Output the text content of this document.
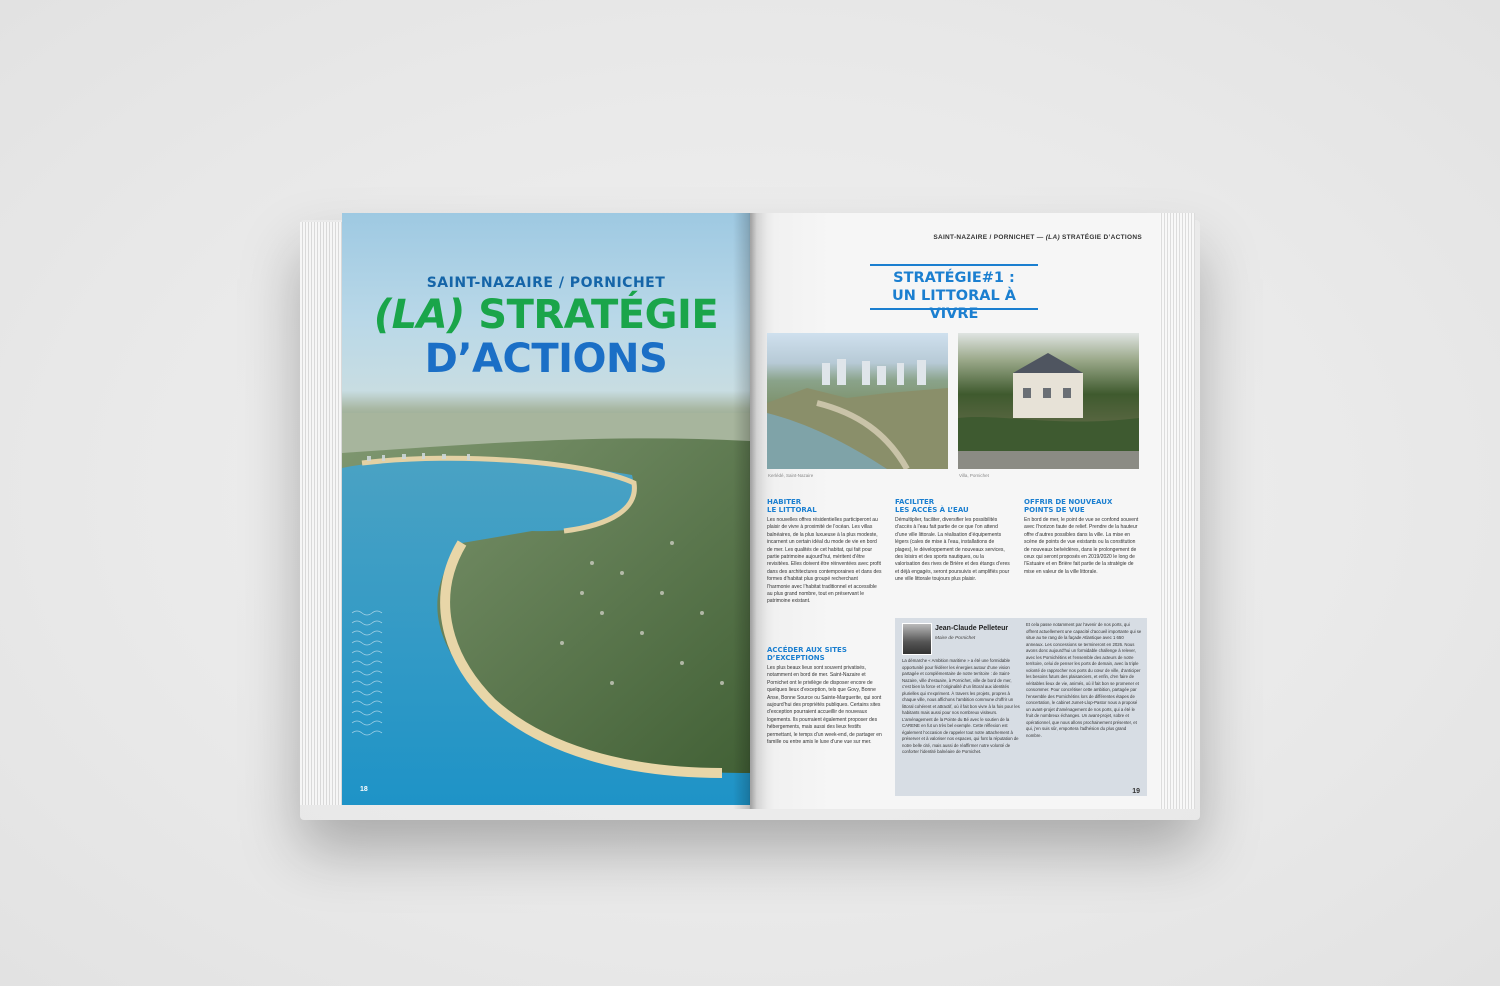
SAINT-NAZAIRE / PORNICHET
(LA) STRATÉGIE
D’ACTIONS
18
SAINT-NAZAIRE / PORNICHET — (LA) STRATÉGIE D’ACTIONS
STRATÉGIE#1 :
UN LITTORAL À VIVRE
Kerlédé, Saint-Nazaire	Villa, Pornichet
HABITER
LE LITTORAL

Les nouvelles offres résidentielles participeront au plaisir de vivre à proximité de l’océan. Les villas balnéaires, de la plus luxueuse à la plus modeste, incarnent un certain idéal du mode de vie en bord de mer. Les qualités de cet habitat, qui fait pour partie patrimoine aujourd’hui, méritent d’être revisitées. Elles doivent être réinventées avec profit dans des architectures contemporaines et dans des formes d’habitat plus groupé recherchant l’harmonie avec l’habitat traditionnel et accessible au plus grand nombre, tout en préservant le patrimoine existant.

FACILITER
LES ACCÈS À L’EAU

Démultiplier, faciliter, diversifier les possibilités d’accès à l’eau fait partie de ce que l’on attend d’une ville littorale. La réalisation d’équipements légers (cales de mise à l’eau, installations de plages), le développement de nouveaux services, des loisirs et des sports nautiques, ou la valorisation des rives de Brière et des étangs d’eres et déjà engagés, seront poursuivis et amplifiés pour une ville littorale toujours plus plaisir.

OFFRIR DE NOUVEAUX
POINTS DE VUE

En bord de mer, le point de vue se confond souvent avec l’horizon faute de relief. Prendre de la hauteur offre d’autres possibles dans la ville. La mise en scène de points de vue existants ou la constitution de nouveaux belvédères, dans le prolongement de ceux qui seront proposés en 2019/2020 le long de l’Estuaire et en Brière fait partie de la stratégie de mise en valeur de la ville littorale.

ACCÉDER AUX SITES
D’EXCEPTIONS

Les plus beaux lieux sont souvent privatisés, notamment en bord de mer. Saint-Nazaire et Pornichet ont le privilège de disposer encore de quelques lieux d’exception, tels que Govy, Bonne Anse, Bonne Source ou Sainte-Marguerite, qui sont aujourd’hui des propriétés publiques. Certains sites d’exception pourraient accueillir de nouveaux logements. Ils pourraient également proposer des hébergements, mais aussi des lieux festifs permettant, le temps d’un week-end, de partager en famille ou entre amis le luxe d’une vue sur mer.

Jean-Claude Pelleteur
Maire de Pornichet
La démarche « Ambition maritime » a été une formidable opportunité pour fédérer les énergies autour d’une vision partagée et complémentaire de notre territoire : de Saint-Nazaire, ville d’estuaire, à Pornichet, ville de bord de mer, c’est bien la force et l’originalité d’un littoral aux identités plurielles qui s’expriment. À travers les projets, propres à chaque ville, nous affichons l’ambition commune d’offrir un littoral cohérent et attractif, où il fait bon vivre à la fois pour les habitants mais aussi pour nos nombreux visiteurs. L’aménagement de la Pointe du Bé avec le soutien de la CARENE en fut un très bel exemple. Cette réflexion est également l’occasion de rappeler tout notre attachement à préserver et à valoriser nos espaces, qui font la réputation de notre belle cité, mais aussi de réaffirmer notre volonté de conforter l’identité balnéaire de Pornichet.
Et cela passe notamment par l’avenir de nos ports, qui offrent actuellement une capacité d’accueil importante qui se situe au 5e rang de la façade Atlantique avec 1 650 anneaux. Les concessions se termineront en 2026. Nous avons donc aujourd’hui un formidable challenge à relever, avec les Pornichétins et l’ensemble des acteurs de notre territoire, celui de penser les ports de demain, avec la triple volonté de rapprocher nos ports du cœur de ville, d’anticiper les besoins futurs des plaisanciers, et enfin, d’en faire de véritables lieux de vie, animés, où il fait bon se promener et consommer. Pour concrétiser cette ambition, partagée par l’ensemble des Pornichétins lors de différentes étapes de concertation, le cabinet Jumet-Llop-Pastor nous a proposé un avant-projet d’aménagement de nos ports, qui a été le fruit de nombreux échanges. Un avant-projet, sobre et opérationnel, que nous allons prochainement présenter, et qui, j’en suis sûr, emportera l’adhésion du plus grand nombre.
19
